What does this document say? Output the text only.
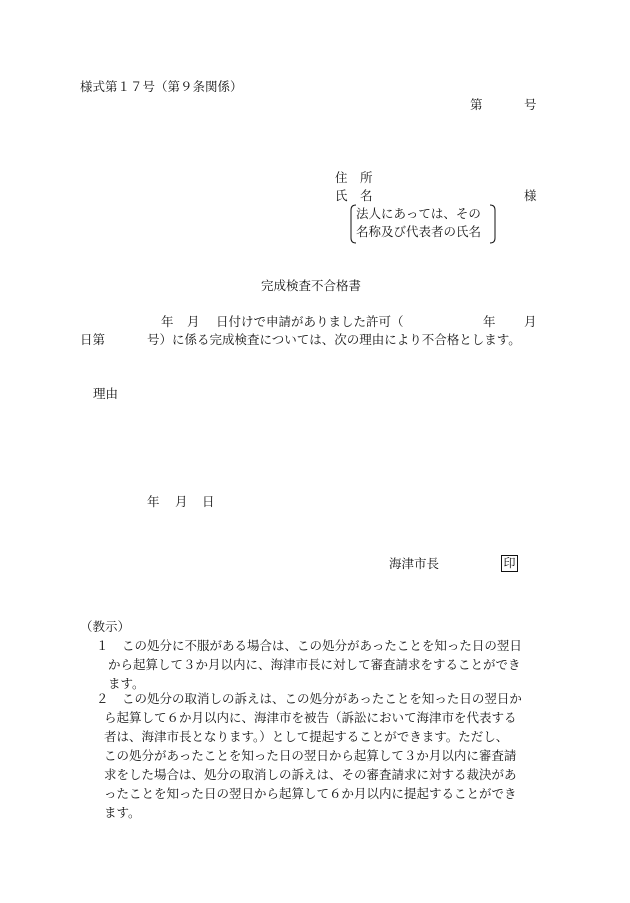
様式第１７号（第９条関係）
第	号
住　所
氏　名	様
法人にあっては、その
名称及び代表者の氏名
完成検査不合格書
年 月 日付けで申請がありました許可（	年 月
日第	号）に係る完成検査については、次の理由により不合格とします。
理由
年 月 日
海津市長	印
（教示）
１	この処分に不服がある場合は、この処分があったことを知った日の翌日
から起算して３か月以内に、海津市長に対して審査請求をすることができ
ます。
２	この処分の取消しの訴えは、この処分があったことを知った日の翌日か
ら起算して６か月以内に、海津市を被告（訴訟において海津市を代表する
者は、海津市長となります。）として提起することができます。ただし、
この処分があったことを知った日の翌日から起算して３か月以内に審査請
求をした場合は、処分の取消しの訴えは、その審査請求に対する裁決があ
ったことを知った日の翌日から起算して６か月以内に提起することができ
ます。
